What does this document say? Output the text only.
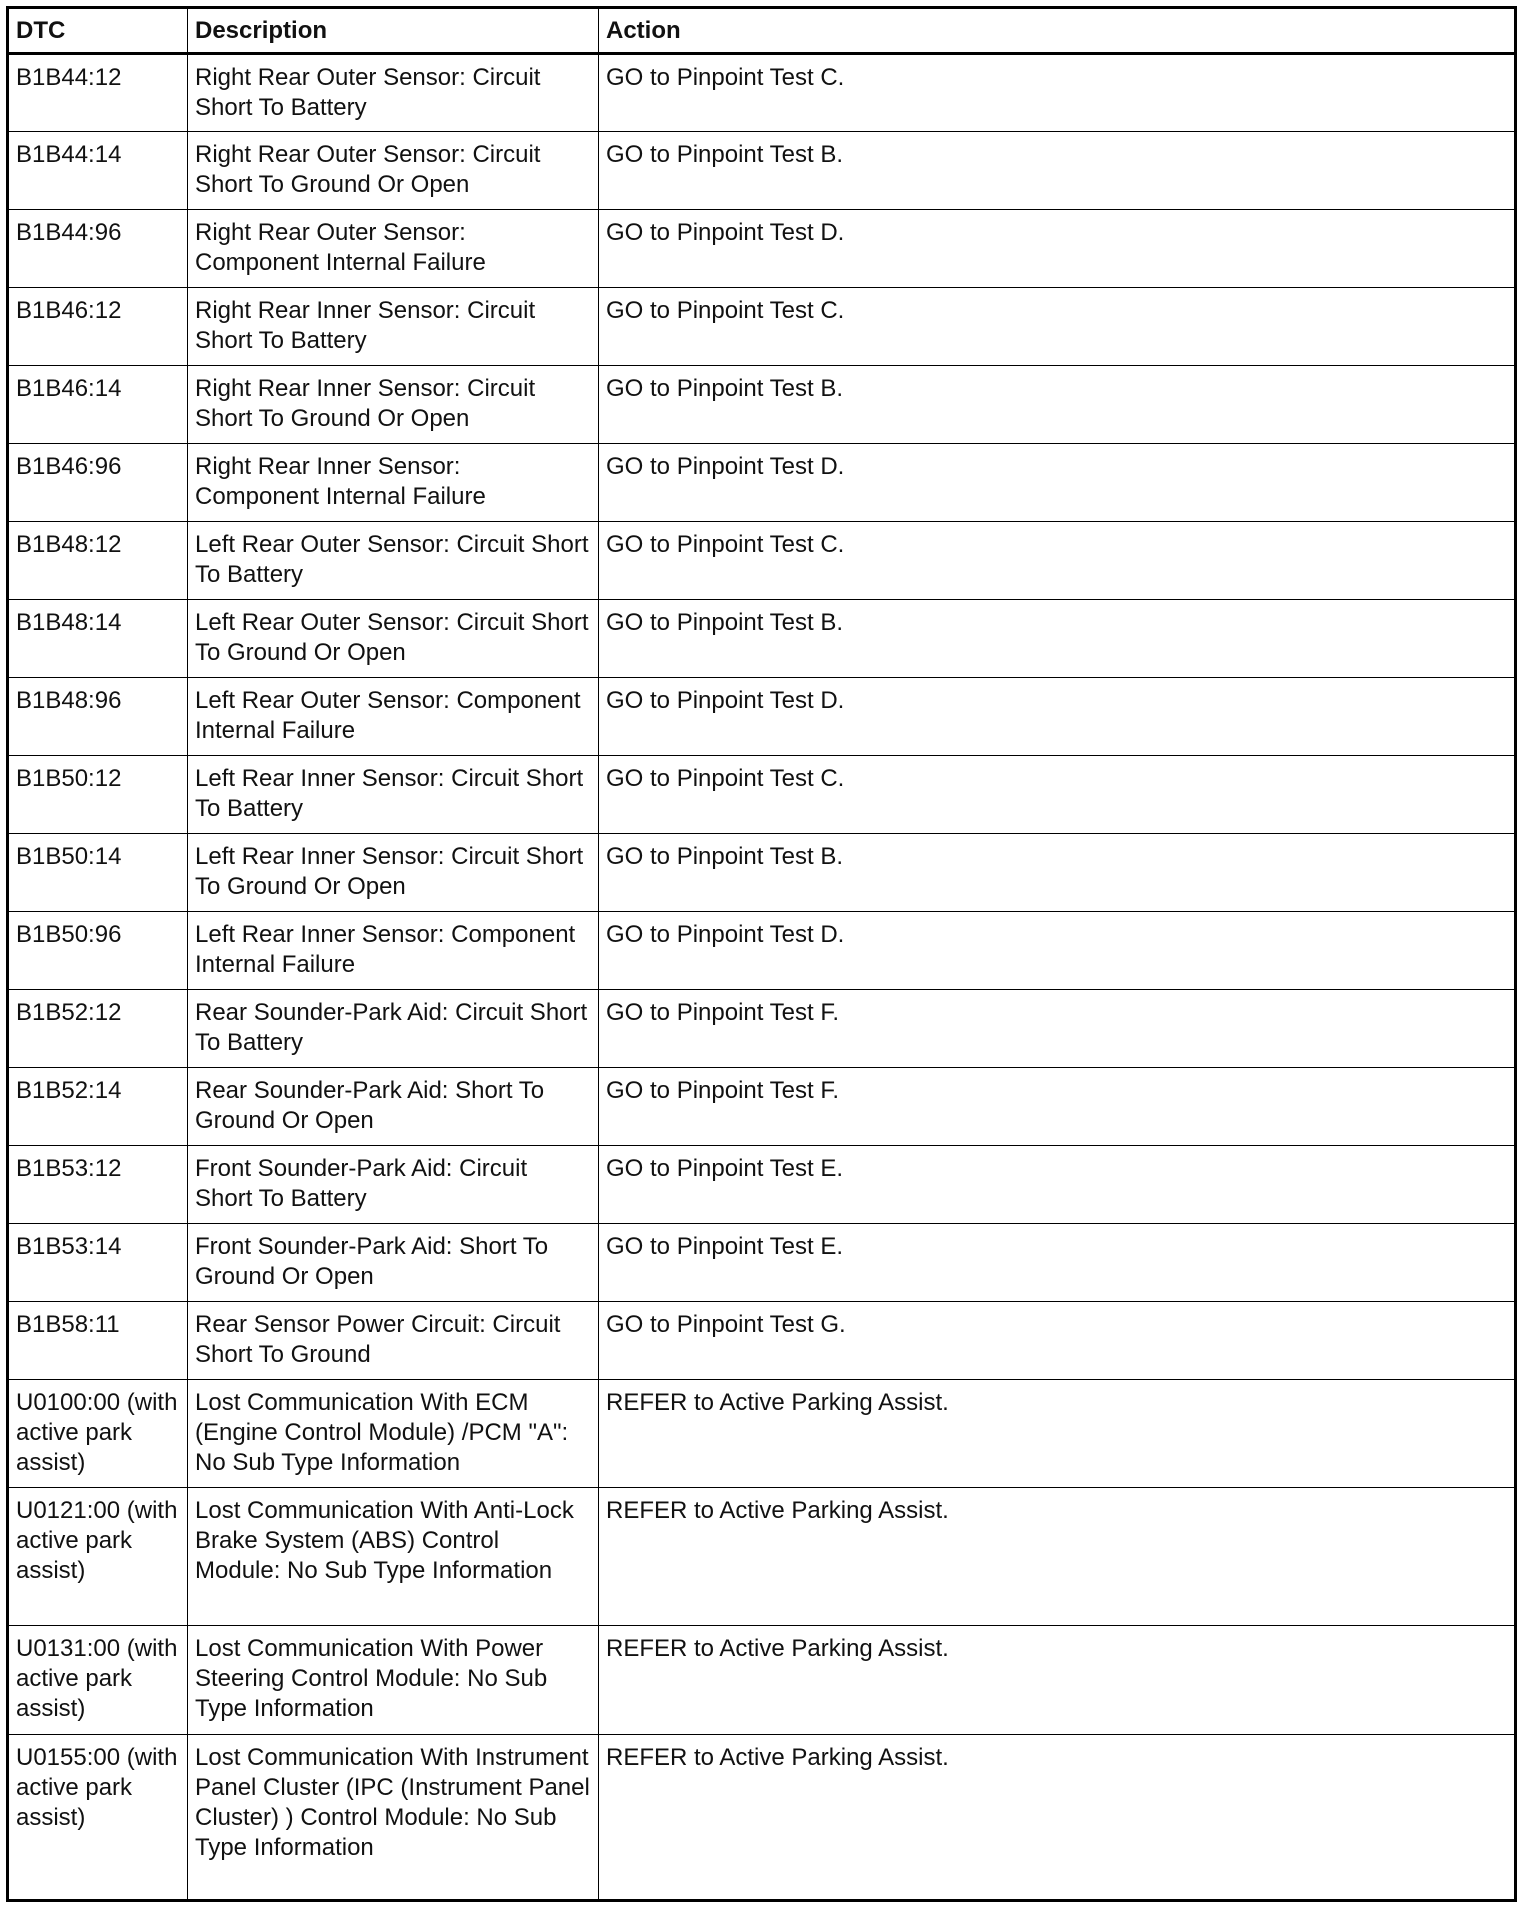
DTC	Description	Action
B1B44:12	Right Rear Outer Sensor: Circuit Short To Battery	GO to Pinpoint Test C.
B1B44:14	Right Rear Outer Sensor: Circuit Short To Ground Or Open	GO to Pinpoint Test B.
B1B44:96	Right Rear Outer Sensor: Component Internal Failure	GO to Pinpoint Test D.
B1B46:12	Right Rear Inner Sensor: Circuit Short To Battery	GO to Pinpoint Test C.
B1B46:14	Right Rear Inner Sensor: Circuit Short To Ground Or Open	GO to Pinpoint Test B.
B1B46:96	Right Rear Inner Sensor: Component Internal Failure	GO to Pinpoint Test D.
B1B48:12	Left Rear Outer Sensor: Circuit Short To Battery	GO to Pinpoint Test C.
B1B48:14	Left Rear Outer Sensor: Circuit Short To Ground Or Open	GO to Pinpoint Test B.
B1B48:96	Left Rear Outer Sensor: Component Internal Failure	GO to Pinpoint Test D.
B1B50:12	Left Rear Inner Sensor: Circuit Short To Battery	GO to Pinpoint Test C.
B1B50:14	Left Rear Inner Sensor: Circuit Short To Ground Or Open	GO to Pinpoint Test B.
B1B50:96	Left Rear Inner Sensor: Component Internal Failure	GO to Pinpoint Test D.
B1B52:12	Rear Sounder-Park Aid: Circuit Short To Battery	GO to Pinpoint Test F.
B1B52:14	Rear Sounder-Park Aid: Short To Ground Or Open	GO to Pinpoint Test F.
B1B53:12	Front Sounder-Park Aid: Circuit Short To Battery	GO to Pinpoint Test E.
B1B53:14	Front Sounder-Park Aid: Short To Ground Or Open	GO to Pinpoint Test E.
B1B58:11	Rear Sensor Power Circuit: Circuit Short To Ground	GO to Pinpoint Test G.
U0100:00 (with active park assist)	Lost Communication With ECM (Engine Control Module) /PCM "A": No Sub Type Information	REFER to Active Parking Assist.
U0121:00 (with active park assist)	Lost Communication With Anti-Lock Brake System (ABS) Control Module: No Sub Type Information	REFER to Active Parking Assist.
U0131:00 (with active park assist)	Lost Communication With Power Steering Control Module: No Sub Type Information	REFER to Active Parking Assist.
U0155:00 (with active park assist)	Lost Communication With Instrument Panel Cluster (IPC (Instrument Panel Cluster) ) Control Module: No Sub Type Information	REFER to Active Parking Assist.
